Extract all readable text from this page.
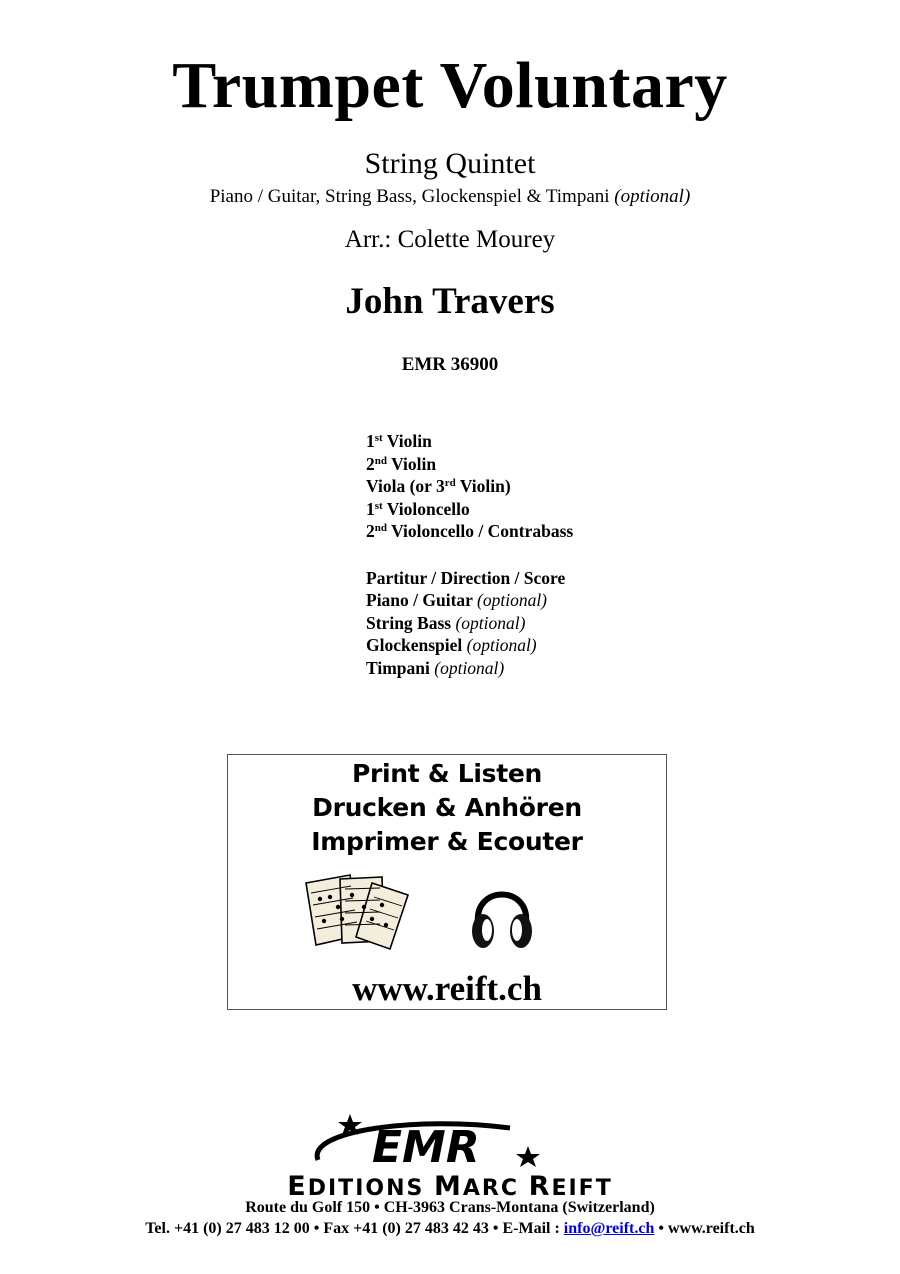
Trumpet Voluntary
String Quintet
Piano / Guitar, String Bass, Glockenspiel & Timpani (optional)
Arr.: Colette Mourey
John Travers
EMR 36900
1st Violin
2nd Violin
Viola (or 3rd Violin)
1st Violoncello
2nd Violoncello / Contrabass
Partitur / Direction / Score
Piano / Guitar (optional)
String Bass (optional)
Glockenspiel (optional)
Timpani (optional)
Print & Listen
Drucken & Anhören
Imprimer & Ecouter
www.reift.ch
EMR
EDITIONS MARC REIFT
Route du Golf 150 • CH-3963 Crans-Montana (Switzerland)
Tel. +41 (0) 27 483 12 00 • Fax +41 (0) 27 483 42 43 • E-Mail : info@reift.ch • www.reift.ch
